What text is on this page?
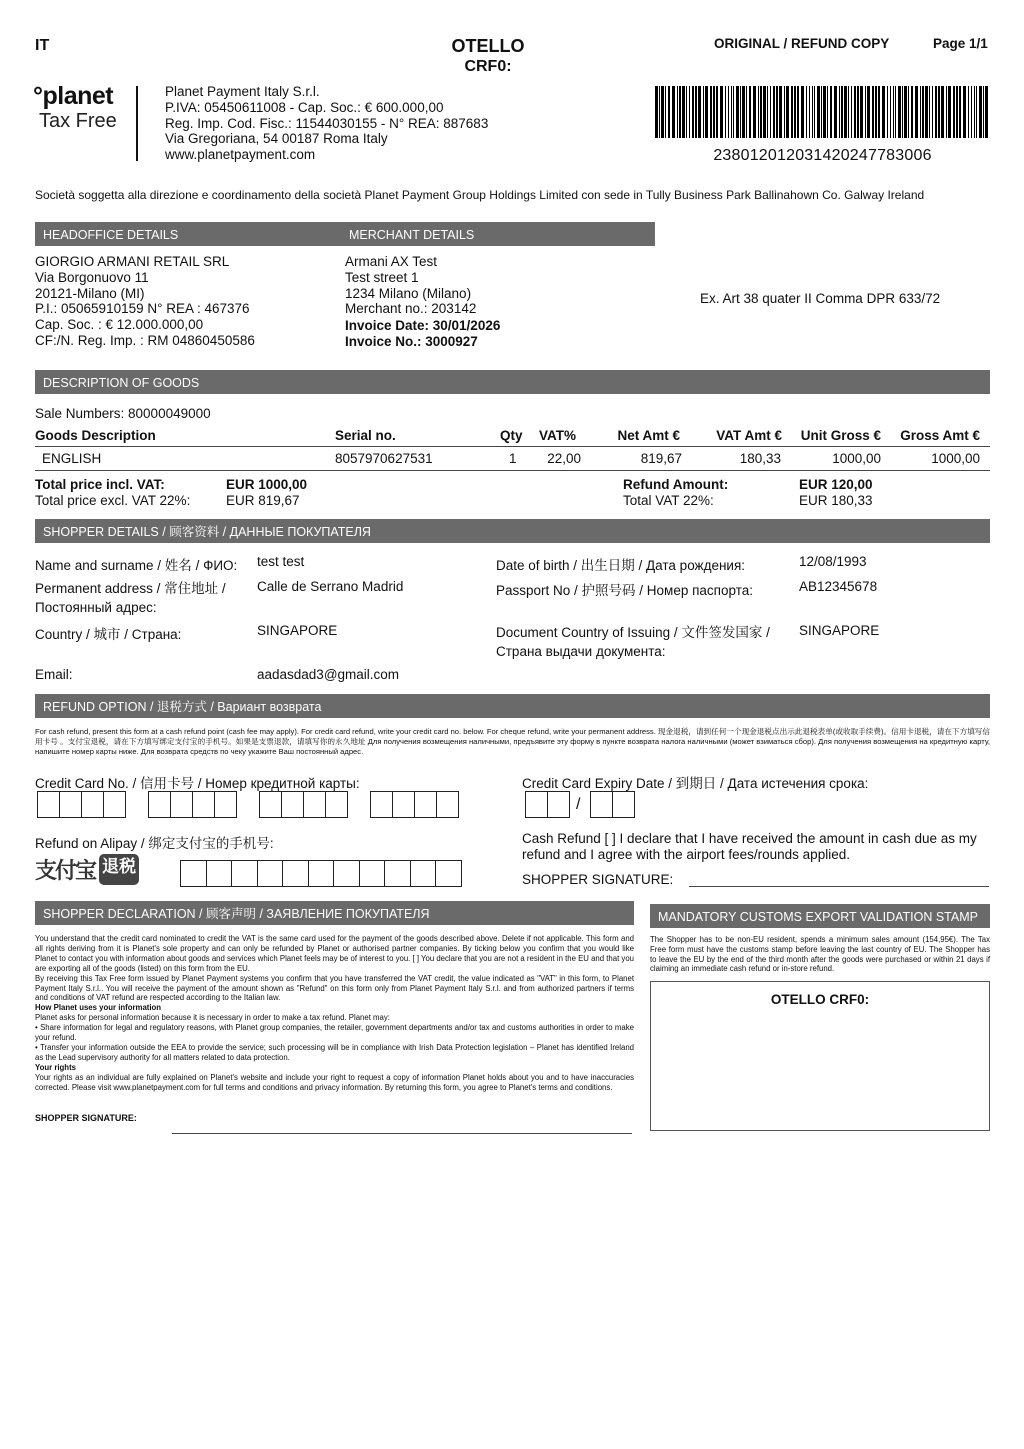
IT	OTELLO
CRF0:
ORIGINAL / REFUND COPY	Page 1/1
°planet
Tax Free
Planet Payment Italy S.r.l.
P.IVA: 05450611008 - Cap. Soc.: € 600.000,00
Reg. Imp. Cod. Fisc.: 11544030155 - N° REA: 887683
Via Gregoriana, 54 00187 Roma Italy
www.planetpayment.com	238012012031420247783006
Società soggetta alla direzione e coordinamento della società Planet Payment Group Holdings Limited con sede in Tully Business Park Ballinahown Co. Galway Ireland
HEADOFFICE DETAILS	MERCHANT DETAILS
GIORGIO ARMANI RETAIL SRL
Via Borgonuovo 11
20121-Milano (MI)
P.I.: 05065910159 N° REA : 467376
Cap. Soc. : € 12.000.000,00
CF:/N. Reg. Imp. : RM 04860450586
Armani AX Test
Test street 1
1234 Milano (Milano)
Merchant no.: 203142
Invoice Date: 30/01/2026
Invoice No.: 3000927
Ex. Art 38 quater II Comma DPR 633/72
DESCRIPTION OF GOODS
Sale Numbers: 80000049000
Goods Description	Serial no.	Qty VAT%	Net Amt €	VAT Amt €	Unit Gross €	Gross Amt €
ENGLISH	8057970627531	1	22,00	819,67	180,33	1000,00	1000,00
Total price incl. VAT:	EUR 1000,00
Total price excl. VAT 22%:	EUR 819,67
Refund Amount:	EUR 120,00
Total VAT 22%:	EUR 180,33
SHOPPER DETAILS / 顾客资料 / ДАННЫЕ ПОКУПАТЕЛЯ
Name and surname / 姓名 / ФИО: test test	Date of birth / 出生日期 / Дата рождения:	12/08/1993
Permanent address / 常住地址 /
Постоянный адрес:
Calle de Serrano Madrid	Passport No / 护照号码 / Номер паспорта:	AB12345678
Country / 城市 / Страна:	SINGAPORE	Document Country of Issuing / 文件签发国家 /
Страна выдачи документа:
SINGAPORE
Email:	aadasdad3@gmail.com
REFUND OPTION / 退税方式 / Вариант возврата
For cash refund, present this form at a cash refund point (cash fee may apply). For credit card refund, write your credit card no. below. For cheque refund, write your permanent address. 现金退税，请到任何一个现金退税点出示此退税表单(或收取手续费)。信用卡退税，请在下方填写信用卡号 。支付宝退税，请在下方填写绑定支付宝的手机号。如果是支票退款，请填写你的永久地址 Для получения возмещения наличными, предъявите эту форму в пункте возврата налога наличными (может взиматься сбор). Для получения возмещения на кредитную карту, напишите номер карты ниже. Для возврата средств по чеку укажите Ваш постоянный адрес.
Credit Card No. / 信用卡号 / Номер кредитной карты:	Credit Card Expiry Date / 到期日 / Дата истечения срока:
/
Refund on Alipay / 绑定支付宝的手机号:
支付宝 退税
Cash Refund [ ] I declare that I have received the amount in cash due as my refund and I agree with the airport fees/rounds applied.
SHOPPER SIGNATURE:
SHOPPER DECLARATION / 顾客声明 / ЗАЯВЛЕНИЕ ПОКУПАТЕЛЯ
You understand that the credit card nominated to credit the VAT is the same card used for the payment of the goods described above. Delete if not applicable. This form and all rights deriving from it is Planet's sole property and can only be refunded by Planet or authorised partner companies. By ticking below you confirm that you would like Planet to contact you with information about goods and services which Planet feels may be of interest to you. [ ] You declare that you are not a resident in the EU and that you are exporting all of the goods (listed) on this form from the EU.
By receiving this Tax Free form issued by Planet Payment systems you confirm that you have transferred the VAT credit, the value indicated as "VAT" in this form, to Planet Payment Italy S.r.l.. You will receive the payment of the amount shown as "Refund" on this form only from Planet Payment Italy S.r.l. and from authorized partners if terms and conditions of VAT refund are respected according to the Italian law.
How Planet uses your information
Planet asks for personal information because it is necessary in order to make a tax refund. Planet may:
• Share information for legal and regulatory reasons, with Planet group companies, the retailer, government departments and/or tax and customs authorities in order to make your refund.
• Transfer your information outside the EEA to provide the service; such processing will be in compliance with Irish Data Protection legislation – Planet has identified Ireland as the Lead supervisory authority for all matters related to data protection.
Your rights
Your rights as an individual are fully explained on Planet's website and include your right to request a copy of information Planet holds about you and to have inaccuracies corrected. Please visit www.planetpayment.com for full terms and conditions and privacy information. By returning this form, you agree to Planet's terms and conditions.
SHOPPER SIGNATURE:
MANDATORY CUSTOMS EXPORT VALIDATION STAMP
The Shopper has to be non-EU resident, spends a minimum sales amount (154,95€). The Tax Free form must have the customs stamp before leaving the last country of EU. The Shopper has to leave the EU by the end of the third month after the goods were purchased or within 21 days if claiming an immediate cash refund or in-store refund.
OTELLO CRF0:
